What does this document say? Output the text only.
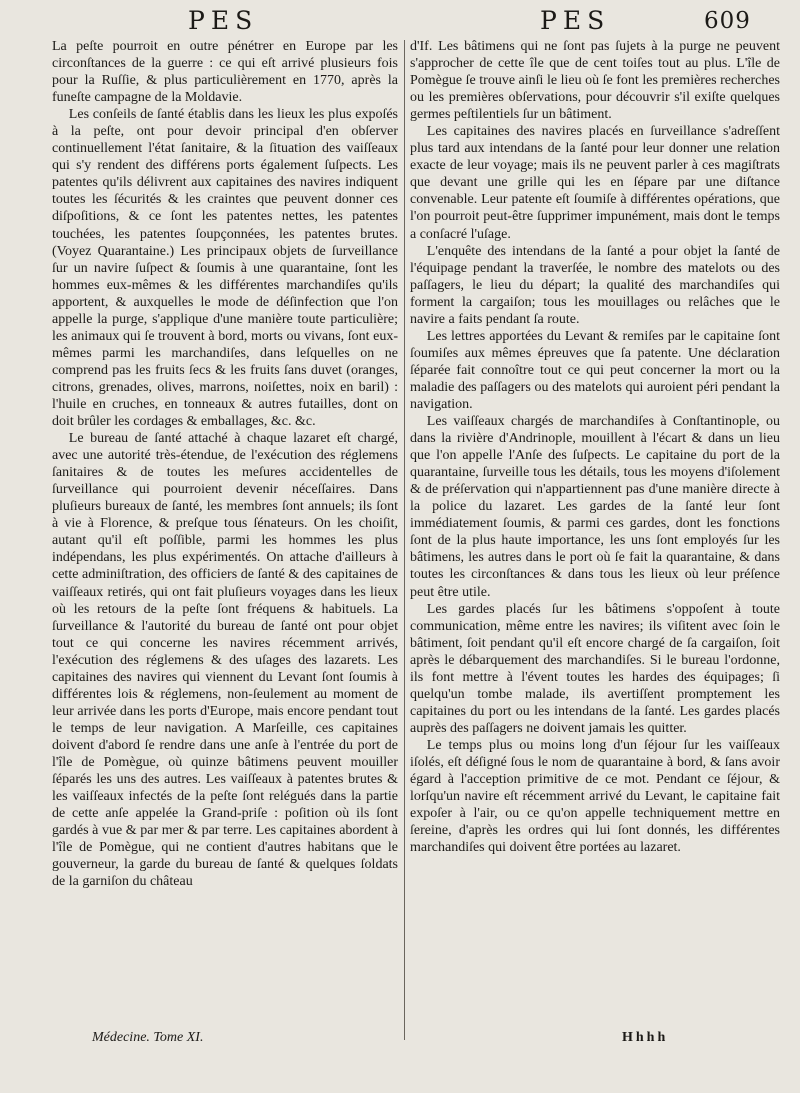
PES	PES	609

La peſte pourroit en outre pénétrer en Europe par les circonſtances de la guerre : ce qui eſt arrivé plusieurs fois pour la Ruſſie, & plus particulièrement en 1770, après la funeſte campagne de la Moldavie.

Les conſeils de ſanté établis dans les lieux les plus expoſés à la peſte, ont pour devoir principal d'en obſerver continuellement l'état ſanitaire, & la ſituation des vaiſſeaux qui s'y rendent des différens ports également ſuſpects. Les patentes qu'ils délivrent aux capitaines des navires indiquent toutes les ſécurités & les craintes que peuvent donner ces diſpoſitions, & ce ſont les patentes nettes, les patentes touchées, les patentes ſoupçonnées, les patentes brutes. (Voyez Quarantaine.) Les principaux objets de ſurveillance ſur un navire ſuſpect & ſoumis à une quarantaine, ſont les hommes eux-mêmes & les différentes marchandiſes qu'ils apportent, & auxquelles le mode de déſinfection que l'on appelle la purge, s'applique d'une manière toute particulière; les animaux qui ſe trouvent à bord, morts ou vivans, ſont eux-mêmes parmi les marchandiſes, dans leſquelles on ne comprend pas les fruits ſecs & les fruits ſans duvet (oranges, citrons, grenades, olives, marrons, noiſettes, noix en baril) : l'huile en cruches, en tonneaux & autres futailles, dont on doit brûler les cordages & emballages, &c. &c.

Le bureau de ſanté attaché à chaque lazaret eſt chargé, avec une autorité très-étendue, de l'exécution des réglemens ſanitaires & de toutes les meſures accidentelles de ſurveillance qui pourroient devenir néceſſaires. Dans pluſieurs bureaux de ſanté, les membres ſont annuels; ils ſont à vie à Florence, & preſque tous ſénateurs. On les choiſit, autant qu'il eſt poſſible, parmi les hommes les plus indépendans, les plus expérimentés. On attache d'ailleurs à cette adminiſtration, des officiers de ſanté & des capitaines de vaiſſeaux retirés, qui ont fait pluſieurs voyages dans les lieux où les retours de la peſte ſont fréquens & habituels. La ſurveillance & l'autorité du bureau de ſanté ont pour objet tout ce qui concerne les navires récemment arrivés, l'exécution des réglemens & des uſages des lazarets. Les capitaines des navires qui viennent du Levant ſont ſoumis à différentes lois & réglemens, non-ſeulement au moment de leur arrivée dans les ports d'Europe, mais encore pendant tout le temps de leur navigation. A Marſeille, ces capitaines doivent d'abord ſe rendre dans une anſe à l'entrée du port de l'île de Pomègue, où quinze bâtimens peuvent mouiller ſéparés les uns des autres. Les vaiſſeaux à patentes brutes & les vaiſſeaux infectés de la peſte ſont relégués dans la partie de cette anſe appelée la Grand-priſe : poſition où ils ſont gardés à vue & par mer & par terre. Les capitaines abordent à l'île de Pomègue, qui ne contient d'autres habitans que le gouverneur, la garde du bureau de ſanté & quelques ſoldats de la garniſon du château

d'If. Les bâtimens qui ne ſont pas ſujets à la purge ne peuvent s'approcher de cette île que de cent toiſes tout au plus. L'île de Pomègue ſe trouve ainſi le lieu où ſe font les premières recherches ou les premières obſervations, pour découvrir s'il exiſte quelques germes peſtilentiels ſur un bâtiment.

Les capitaines des navires placés en ſurveillance s'adreſſent plus tard aux intendans de la ſanté pour leur donner une relation exacte de leur voyage; mais ils ne peuvent parler à ces magiſtrats que devant une grille qui les en ſépare par une diſtance convenable. Leur patente eſt ſoumiſe à différentes opérations, que l'on pourroit peut-être ſupprimer impunément, mais dont le temps a conſacré l'uſage.

L'enquête des intendans de la ſanté a pour objet la ſanté de l'équipage pendant la traverſée, le nombre des matelots ou des paſſagers, le lieu du départ; la qualité des marchandiſes qui forment la cargaiſon; tous les mouillages ou relâches que le navire a faits pendant ſa route.

Les lettres apportées du Levant & remiſes par le capitaine ſont ſoumiſes aux mêmes épreuves que ſa patente. Une déclaration ſéparée fait connoître tout ce qui peut concerner la mort ou la maladie des paſſagers ou des matelots qui auroient péri pendant la navigation.

Les vaiſſeaux chargés de marchandiſes à Conſtantinople, ou dans la rivière d'Andrinople, mouillent à l'écart & dans un lieu que l'on appelle l'Anſe des ſuſpects. Le capitaine du port de la quarantaine, ſurveille tous les détails, tous les moyens d'iſolement & de préſervation qui n'appartiennent pas d'une manière directe à la police du lazaret. Les gardes de la ſanté leur ſont immédiatement ſoumis, & parmi ces gardes, dont les fonctions ſont de la plus haute importance, les uns ſont employés ſur les bâtimens, les autres dans le port où ſe fait la quarantaine, & dans toutes les circonſtances & dans tous les lieux où leur préſence peut être utile.

Les gardes placés ſur les bâtimens s'oppoſent à toute communication, même entre les navires; ils viſitent avec ſoin le bâtiment, ſoit pendant qu'il eſt encore chargé de ſa cargaiſon, ſoit après le débarquement des marchandiſes. Si le bureau l'ordonne, ils font mettre à l'évent toutes les hardes des équipages; ſi quelqu'un tombe malade, ils avertiſſent promptement les capitaines du port ou les intendans de la ſanté. Les gardes placés auprès des paſſagers ne doivent jamais les quitter.

Le temps plus ou moins long d'un ſéjour ſur les vaiſſeaux iſolés, eſt déſigné ſous le nom de quarantaine à bord, & ſans avoir égard à l'acception primitive de ce mot. Pendant ce ſéjour, & lorſqu'un navire eſt récemment arrivé du Levant, le capitaine fait expoſer à l'air, ou ce qu'on appelle techniquement mettre en ſereine, d'après les ordres qui lui ſont donnés, les différentes marchandiſes qui doivent être portées au lazaret.

Médecine. Tome XI.	Hhhh
